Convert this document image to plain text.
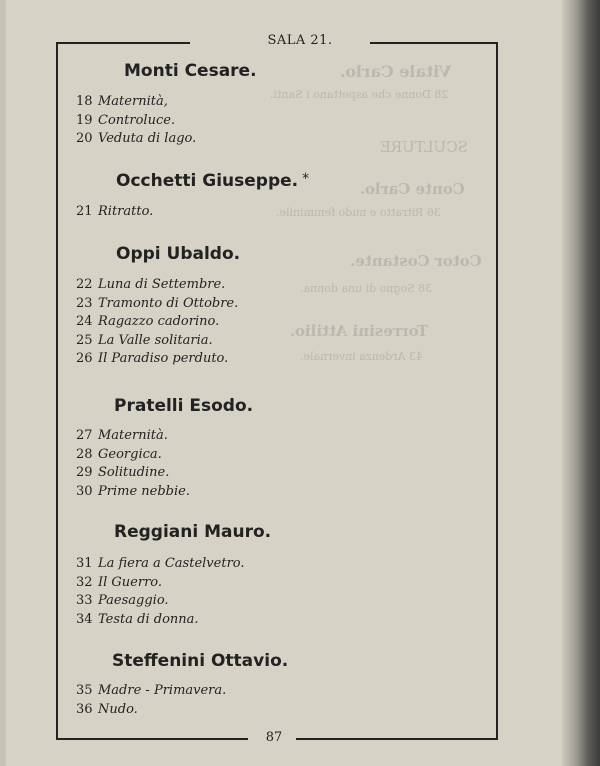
Vitale Carlo.
28 Donne che aspettano i Santi.
SCULTURE
Conte Carlo.
36 Ritratto e nudo femminile.
Cotor Costante.
38 Sogno di una donna.
Torresini Attilio.
43 Ardenza invernale.
SALA 21.
Monti Cesare.
18 Maternità,
19 Controluce.
20 Veduta di lago.
Occhetti Giuseppe. *
21 Ritratto.
Oppi Ubaldo.
22 Luna di Settembre.
23 Tramonto di Ottobre.
24 Ragazzo cadorino.
25 La Valle solitaria.
26 Il Paradiso perduto.
Pratelli Esodo.
27 Maternità.
28 Georgica.
29 Solitudine.
30 Prime nebbie.
Reggiani Mauro.
31 La fiera a Castelvetro.
32 Il Guerro.
33 Paesaggio.
34 Testa di donna.
Steffenini Ottavio.
35 Madre - Primavera.
36 Nudo.
87
